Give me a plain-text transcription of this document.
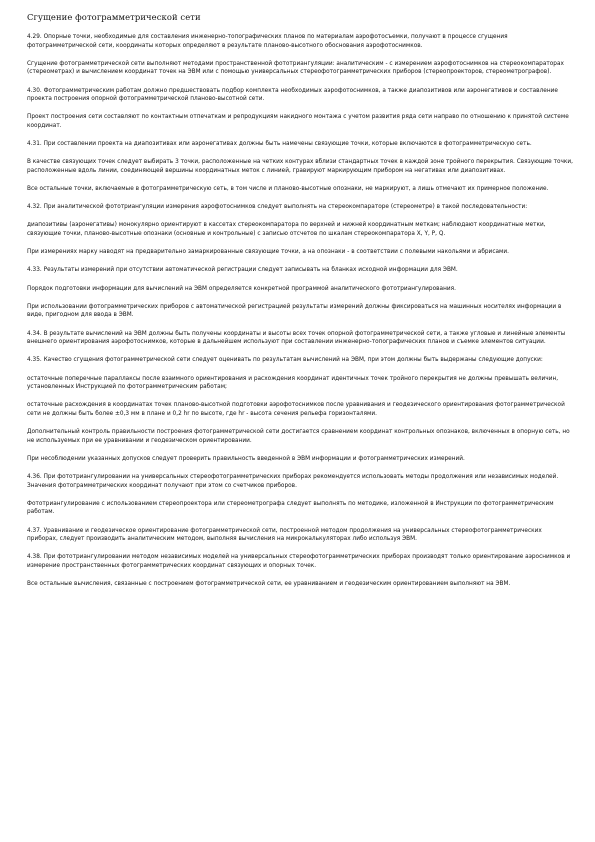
Сгущение фотограмметрической сети

4.29. Опорные точки, необходимые для составления инженерно-топографических планов по материалам аэрофотосъемки, получают в процессе сгущения фотограмметрической сети, координаты которых определяют в результате планово-высотного обоснования аэрофотоснимков.

Сгущение фотограмметрической сети выполняют методами пространственной фототриангуляции: аналитическим - с измерением аэрофотоснимков на стереокомпараторах (стереометрах) и вычислением координат точек на ЭВМ или с помощью универсальных стереофотограмметрических приборов (стереопроекторов, стереометрографов).

4.30. Фотограмметрическим работам должно предшествовать подбор комплекта необходимых аэрофотоснимков, а также диапозитивов или аэронегативов и составление проекта построения опорной фотограмметрической планово-высотной сети.

Проект построения сети составляют по контактным отпечаткам и репродукциям накидного монтажа с учетом развития ряда сети направо по отношению к принятой системе координат.

4.31. При составлении проекта на диапозитивах или аэронегативах должны быть намечены связующие точки, которые включаются в фотограмметрическую сеть.

В качестве связующих точек следует выбирать 3 точки, расположенные на четких контурах вблизи стандартных точек в каждой зоне тройного перекрытия. Связующие точки, расположенные вдоль линии, соединяющей вершины координатных меток с линией, гравируют маркирующим прибором на негативах или диапозитивах.

Все остальные точки, включаемые в фотограмметрическую сеть, в том числе и планово-высотные опознаки, не маркируют, а лишь отмечают их примерное положение.

4.32. При аналитической фототриангуляции измерения аэрофотоснимков следует выполнять на стереокомпараторе (стереометре) в такой последовательности:

диапозитивы (аэронегативы) монокулярно ориентируют в кассетах стереокомпаратора по верхней и нижней координатным меткам; наблюдают координатные метки, связующие точки, планово-высотные опознаки (основные и контрольные) с записью отсчетов по шкалам стереокомпаратора X, Y, P, Q.

При измерениях марку наводят на предварительно замаркированные связующие точки, а на опознаки - в соответствии с полевыми накольями и абрисами.

4.33. Результаты измерений при отсутствии автоматической регистрации следует записывать на бланках исходной информации для ЭВМ.

Порядок подготовки информации для вычислений на ЭВМ определяется конкретной программой аналитического фототриангулирования.

При использовании фотограмметрических приборов с автоматической регистрацией результаты измерений должны фиксироваться на машинных носителях информации в виде, пригодном для ввода в ЭВМ.

4.34. В результате вычислений на ЭВМ должны быть получены координаты и высоты всех точек опорной фотограмметрической сети, а также угловые и линейные элементы внешнего ориентирования аэрофотоснимков, которые в дальнейшем используют при составлении инженерно-топографических планов и съемке элементов ситуации.

4.35. Качество сгущения фотограмметрической сети следует оценивать по результатам вычислений на ЭВМ, при этом должны быть выдержаны следующие допуски:

остаточные поперечные параллаксы после взаимного ориентирования и расхождения координат идентичных точек тройного перекрытия не должны превышать величин, установленных Инструкцией по фотограмметрическим работам;

остаточные расхождения в координатах точек планово-высотной подготовки аэрофотоснимков после уравнивания и геодезического ориентирования фотограмметрической сети не должны быть более ±0,3 мм в плане и 0,2 hr по высоте, где hr - высота сечения рельефа горизонталями.

Дополнительный контроль правильности построения фотограмметрической сети достигается сравнением координат контрольных опознаков, включенных в опорную сеть, но не используемых при ее уравнивании и геодезическом ориентировании.

При несоблюдении указанных допусков следует проверить правильность введенной в ЭВМ информации и фотограмметрических измерений.

4.36. При фототриангулировании на универсальных стереофотограмметрических приборах рекомендуется использовать методы продолжения или независимых моделей. Значения фотограмметрических координат получают при этом со счетчиков приборов.

Фототриангулирование с использованием стереопроектора или стереометрографа следует выполнять по методике, изложенной в Инструкции по фотограмметрическим работам.

4.37. Уравнивание и геодезическое ориентирование фотограмметрической сети, построенной методом продолжения на универсальных стереофотограмметрических приборах, следует производить аналитическим методом, выполняя вычисления на микрокалькуляторах либо используя ЭВМ.

4.38. При фототриангулировании методом независимых моделей на универсальных стереофотограмметрических приборах производят только ориентирование аэроснимков и измерение пространственных фотограмметрических координат связующих и опорных точек.

Все остальные вычисления, связанные с построением фотограмметрической сети, ее уравниванием и геодезическим ориентированием выполняют на ЭВМ.
